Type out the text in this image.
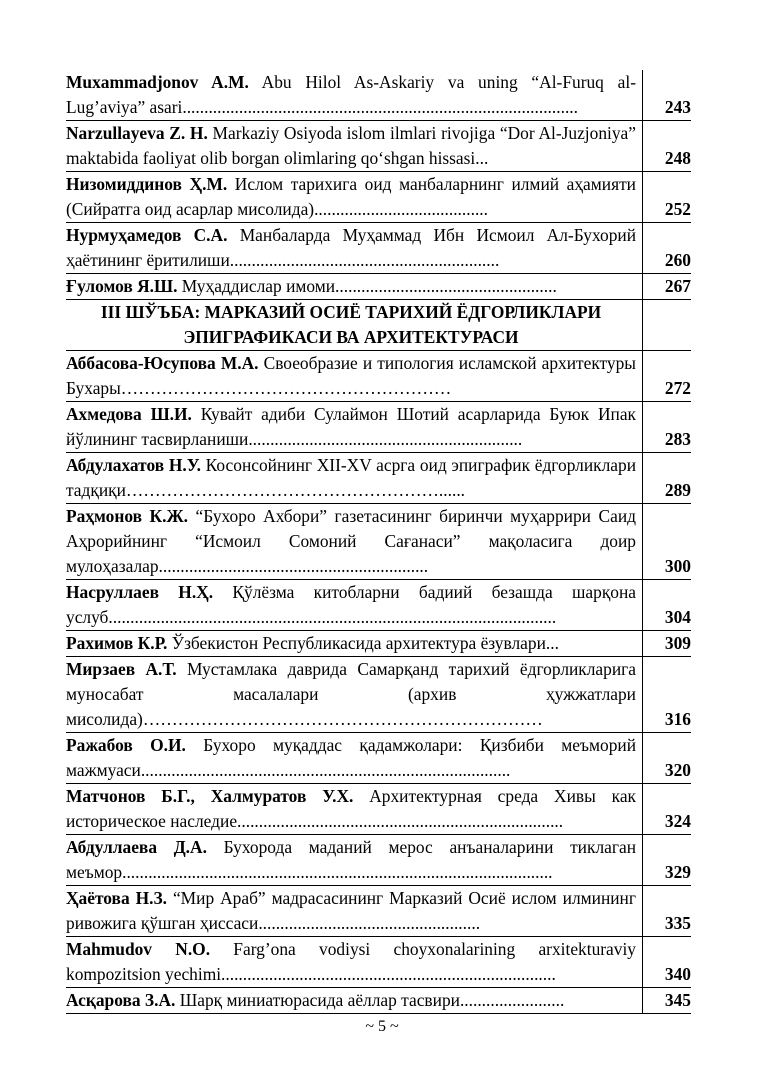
Muxammadjonov A.M. Abu Hilol As-Askariy va uning “Al-Furuq al-Lug’aviya” asari...........................................................................................	243
Narzullayeva Z. H. Markaziy Osiyoda islom ilmlari rivojiga “Dor Al-Juzjoniya” maktabida faoliyat olib borgan olimlaring qo‘shgan hissasi...	248
Низомиддинов Ҳ.М. Ислом тарихига оид манбаларнинг илмий аҳамияти (Сийратга оид асарлар мисолида)........................................	252
Нурмуҳамедов С.А. Манбаларда Муҳаммад Ибн Исмоил Ал-Бухорий ҳаётининг ёритилиши..............................................................	260
Ғуломов Я.Ш. Муҳаддислар имоми...................................................	267
III ШЎЪБА: МАРКАЗИЙ ОСИЁ ТАРИХИЙ ЁДГОРЛИКЛАРИ ЭПИГРАФИКАСИ ВА АРХИТЕКТУРАСИ	
Аббасова-Юсупова М.А. Своеобразие и типология исламской архитектуры Бухары…………………………………………………	272
Ахмедова Ш.И. Кувайт адиби Сулаймон Шотий асарларида Буюк Ипак йўлининг тасвирланиши...............................................................	283
Абдулахатов Н.У. Косонсойнинг XII-XV асрга оид эпиграфик ёдгорликлари тадқиқи………………………………………………......	289
Раҳмонов К.Ж. “Бухоро Ахбори” газетасининг биринчи муҳаррири Саид Аҳрорийнинг “Исмоил Сомоний Сағанаси” мақоласига доир мулоҳазалар..............................................................	300
Насруллаев Н.Ҳ. Қўлёзма китобларни бадиий безашда шарқона услуб.......................................................................................................	304
Рахимов К.Р. Ўзбекистон Республикасида архитектура ёзувлари...	309
Мирзаев А.Т. Мустамлака даврида Самарқанд тарихий ёдгорликларига муносабат масалалари (архив ҳужжатлари мисолида)……………………………………………………………	316
Ражабов О.И. Бухоро муқаддас қадамжолари: Қизбиби меъморий мажмуаси.....................................................................................	320
Матчонов Б.Г., Халмуратов У.Х. Архитектурная среда Хивы как историческое наследие...........................................................................	324
Абдуллаева Д.А. Бухорода маданий мерос анъаналарини тиклаган меъмор...................................................................................................	329
Ҳаётова Н.З. “Мир Араб” мадрасасининг Марказий Осиё ислом илмининг ривожига қўшган ҳиссаси...................................................	335
Mahmudov N.O. Farg’ona vodiysi choyxonalarining arxitekturaviy kompozitsion yechimi.............................................................................	340
Асқарова З.А. Шарқ миниатюрасида аёллар тасвири........................	345
~ 5 ~
